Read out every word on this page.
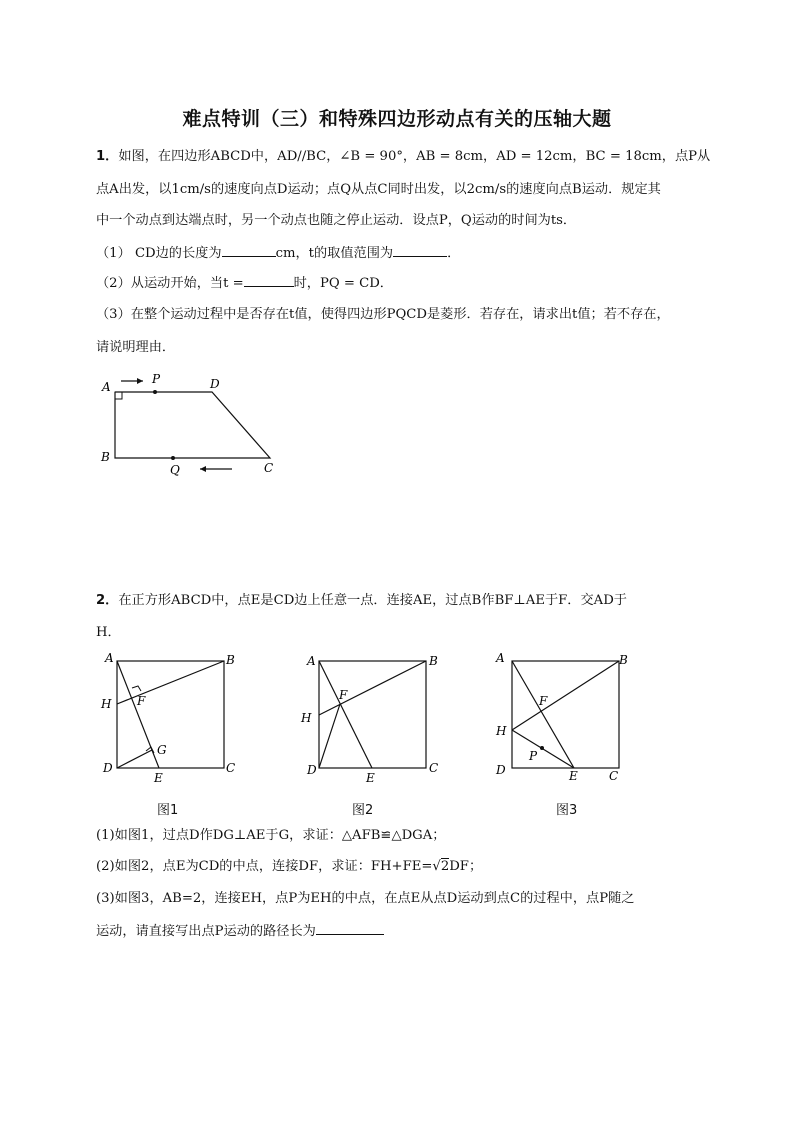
难点特训（三）和特殊四边形动点有关的压轴大题
1．如图，在四边形ABCD中，AD//BC，∠B = 90°，AB = 8cm，AD = 12cm，BC = 18cm，点P从
点A出发，以1cm/s的速度向点D运动；点Q从点C同时出发，以2cm/s的速度向点B运动．规定其
中一个动点到达端点时，另一个动点也随之停止运动．设点P，Q运动的时间为ts．
（1） CD边的长度为	cm，t的取值范围为	．
（2）从运动开始，当t =	时，PQ = CD．
（3）在整个运动过程中是否存在t值，使得四边形PQCD是菱形．若存在，请求出t值；若不存在，
请说明理由．
A
P	D
B
Q	C
2．在正方形ABCD中，点E是CD边上任意一点．连接AE，过点B作BF⊥AE于F．交AD于
H．
A	B
H F
G
D
E
C
图1
A	B
F
H
D
E
C
图2
A	B
F
H
P
D	E	C
图3
(1)如图1，过点D作DG⊥AE于G，求证：△AFB≌△DGA；
(2)如图2，点E为CD的中点，连接DF，求证：FH+FE=√2DF；
(3)如图3，AB=2，连接EH，点P为EH的中点，在点E从点D运动到点C的过程中，点P随之
运动，请直接写出点P运动的路径长为
